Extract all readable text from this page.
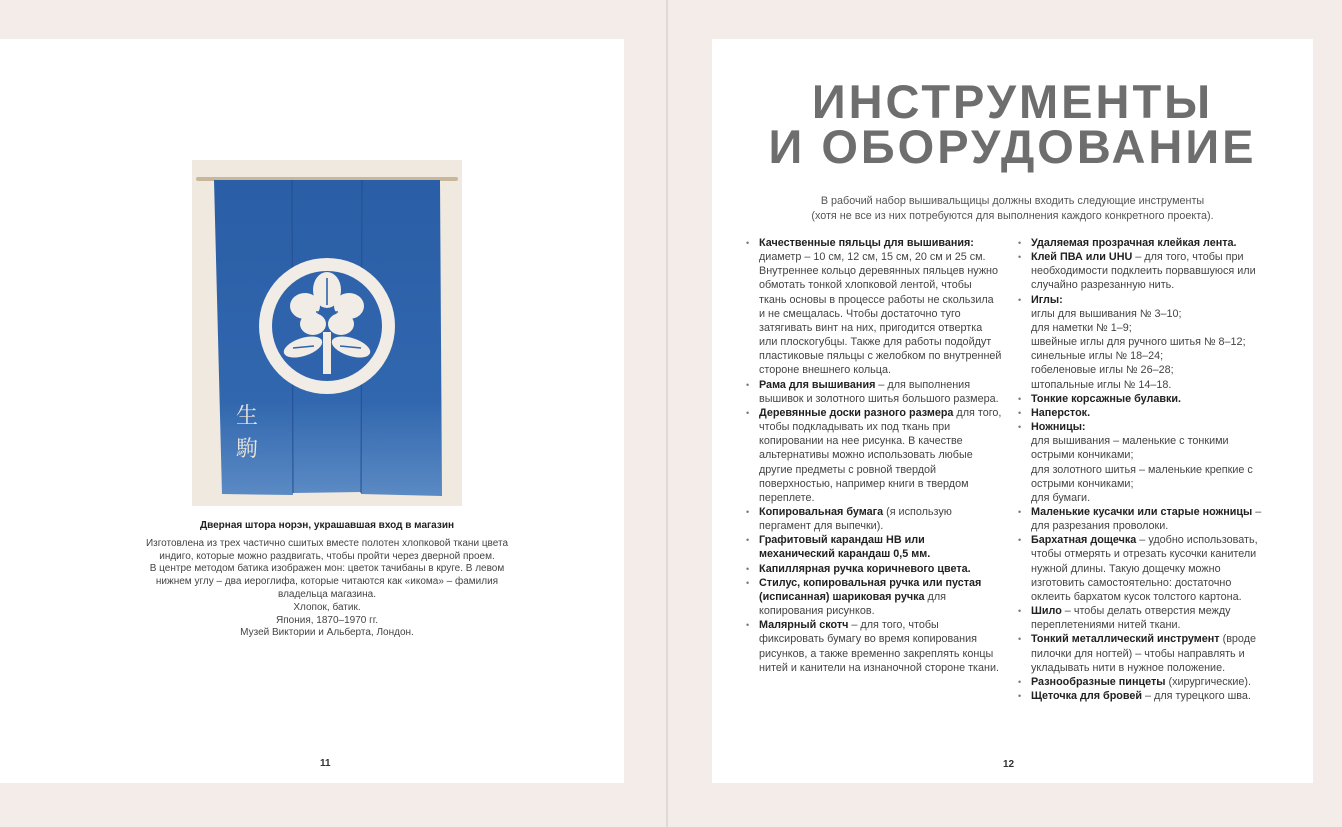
生
駒
Дверная штора норэн, украшавшая вход в магазин
Изготовлена из трех частично сшитых вместе полотен хлопковой ткани цвета
индиго, которые можно раздвигать, чтобы пройти через дверной проем.
В центре методом батика изображен мон: цветок тачибаны в круге. В левом
нижнем углу – два иероглифа, которые читаются как «икома» – фамилия
владельца магазина.
Хлопок, батик.
Япония, 1870–1970 гг.
Музей Виктории и Альберта, Лондон.
11
ИНСТРУМЕНТЫ
И ОБОРУДОВАНИЕ
В рабочий набор вышивальщицы должны входить следующие инструменты
(хотя не все из них потребуются для выполнения каждого конкретного проекта).
• Качественные пяльцы для вышивания: диаметр – 10 см, 12 см, 15 см, 20 см и 25 см. Внутреннее кольцо деревянных пяльцев нужно обмотать тонкой хлопковой лентой, чтобы ткань основы в процессе работы не скользила и не смещалась. Чтобы достаточно туго затягивать винт на них, пригодится отвертка или плоскогубцы. Также для работы подойдут пластиковые пяльцы с желобком по внутренней стороне внешнего кольца.
• Рама для вышивания – для выполнения вышивок и золотного шитья большого размера.
• Деревянные доски разного размера для того, чтобы подкладывать их под ткань при копировании на нее рисунка. В качестве альтернативы можно использовать любые другие предметы с ровной твердой поверхностью, например книги в твердом переплете.
• Копировальная бумага (я использую пергамент для выпечки).
• Графитовый карандаш HB или механический карандаш 0,5 мм.
• Капиллярная ручка коричневого цвета.
• Стилус, копировальная ручка или пустая (исписанная) шариковая ручка для копирования рисунков.
• Малярный скотч – для того, чтобы фиксировать бумагу во время копирования рисунков, а также временно закреплять концы нитей и канители на изнаночной стороне ткани.
• Удаляемая прозрачная клейкая лента.
• Клей ПВА или UHU – для того, чтобы при необходимости подклеить порвавшуюся или случайно разрезанную нить.
• Иглы:
иглы для вышивания № 3–10;
для наметки № 1–9;
швейные иглы для ручного шитья № 8–12;
синельные иглы № 18–24;
гобеленовые иглы № 26–28;
штопальные иглы № 14–18.
• Тонкие корсажные булавки.
• Наперсток.
• Ножницы:
для вышивания – маленькие с тонкими острыми кончиками;
для золотного шитья – маленькие крепкие с острыми кончиками;
для бумаги.
• Маленькие кусачки или старые ножницы – для разрезания проволоки.
• Бархатная дощечка – удобно использовать, чтобы отмерять и отрезать кусочки канители нужной длины. Такую дощечку можно изготовить самостоятельно: достаточно оклеить бархатом кусок толстого картона.
• Шило – чтобы делать отверстия между переплетениями нитей ткани.
• Тонкий металлический инструмент (вроде пилочки для ногтей) – чтобы направлять и укладывать нити в нужное положение.
• Разнообразные пинцеты (хирургические).
• Щеточка для бровей – для турецкого шва.
12
